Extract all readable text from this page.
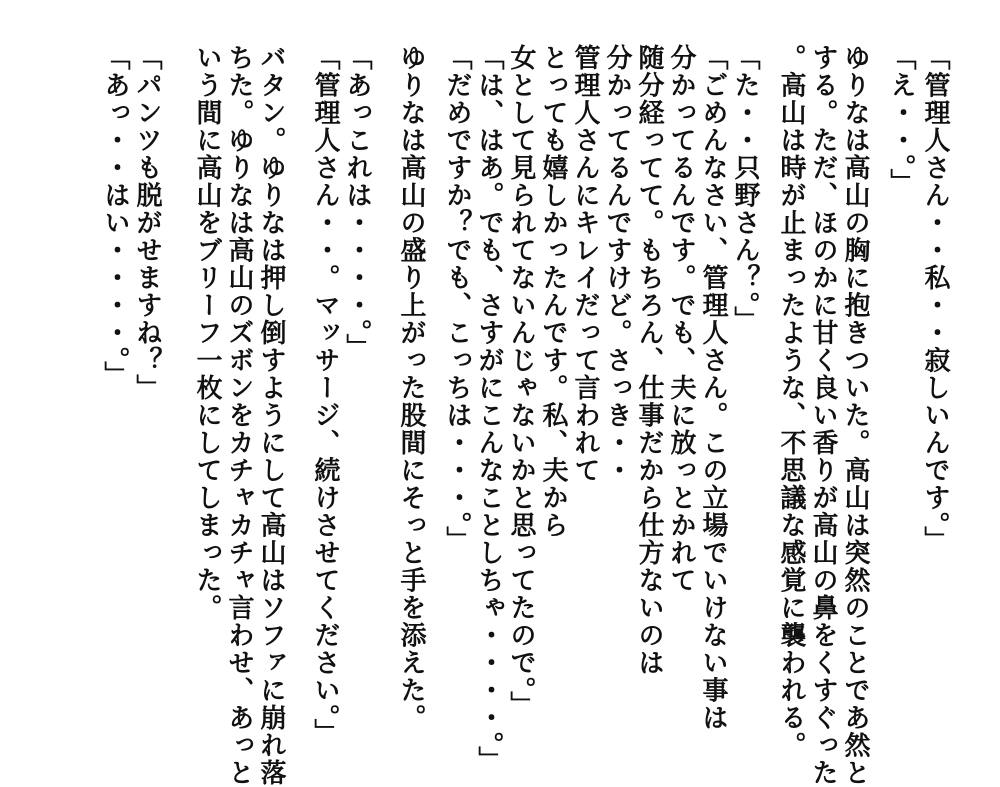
「管理人さん・・私・・寂しいんです。」
「え・・。」
ゆりなは高山の胸に抱きついた。高山は突然のことであ然と
する。ただ、ほのかに甘く良い香りが高山の鼻をくすぐった
。高山は時が止まったような、不思議な感覚に襲われる。
「た・・只野さん？。」
「ごめんなさい、管理人さん。この立場でいけない事は
分かってるんです。でも、夫に放っとかれて
随分経ってて。もちろん、仕事だから仕方ないのは
分かってるんですけど。さっき・・
管理人さんにキレイだって言われて
とっても嬉しかったんです。私、夫から
女として見られてないんじゃないかと思ってたので。」
「は、はあ。でも、さすがにこんなことしちゃ・・・・。」
「だめですか？でも、こっちは・・・。」
ゆりなは高山の盛り上がった股間にそっと手を添えた。
「あっこれは・・・・。」
「管理人さん・・。マッサージ、続けさせてください。」
バタン。ゆりなは押し倒すようにして高山はソファに崩れ落
ちた。ゆりなは高山のズボンをカチャカチャ言わせ、あっと
いう間に高山をブリーフ一枚にしてしまった。
「パンツも脱がせますね？」
「あっ・・はい・・・・。」
